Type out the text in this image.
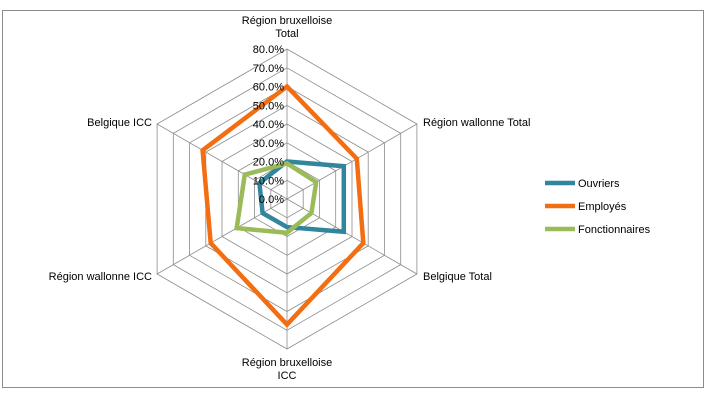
0.0%
10.0%
20.0%
30.0%
40.0%
50.0%
60.0%
70.0%
80.0%
Région bruxelloise
Total
Région wallonne Total
Belgique Total
Région bruxelloise
ICC
Région wallonne ICC
Belgique ICC
Ouvriers
Employés
Fonctionnaires
